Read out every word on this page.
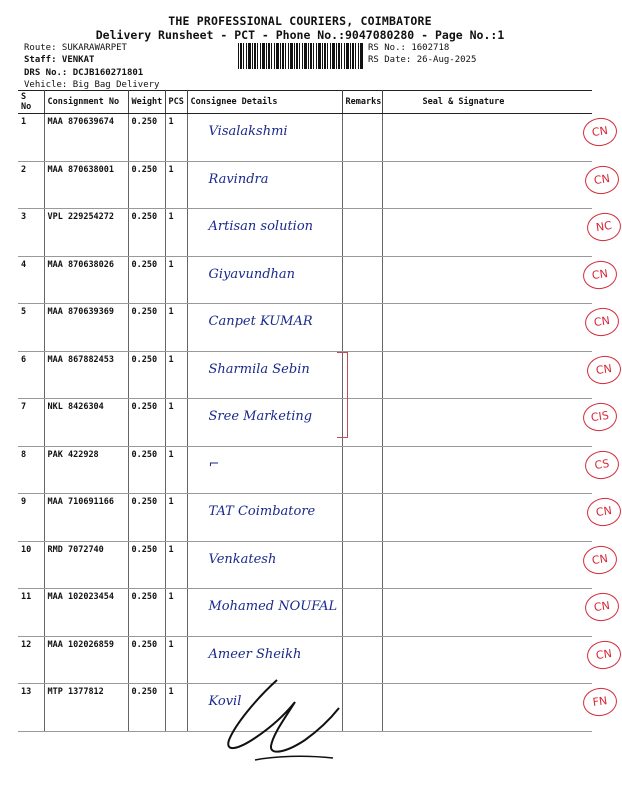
THE PROFESSIONAL COURIERS, COIMBATORE
Delivery Runsheet - PCT - Phone No.:9047080280 - Page No.:1
Route: SUKARAWARPET
Staff: VENKAT
DRS No.: DCJB160271801
Vehicle: Big Bag Delivery
RS No.: 1602718
RS Date: 26-Aug-2025
S No	Consignment No	Weight	PCS	Consignee Details	Remarks	Seal & Signature
1	MAA 870639674	0.250	1	Visalakshmi		CN

2	MAA 870638001	0.250	1	Ravindra		CN

3	VPL 229254272	0.250	1	Artisan solution		NC

4	MAA 870638026	0.250	1	Giyavundhan		CN

5	MAA 870639369	0.250	1	Canpet KUMAR		CN

6	MAA 867882453	0.250	1	Sharmila Sebin		CN

7	NKL 8426304	0.250	1	Sree Marketing		CIS

8	PAK 422928	0.250	1	⌐		CS

9	MAA 710691166	0.250	1	TAT Coimbatore		CN

10	RMD 7072740	0.250	1	Venkatesh		CN

11	MAA 102023454	0.250	1	Mohamed NOUFAL		CN

12	MAA 102026859	0.250	1	Ameer Sheikh		CN

13	MTP 1377812	0.250	1	Kovil		FN
